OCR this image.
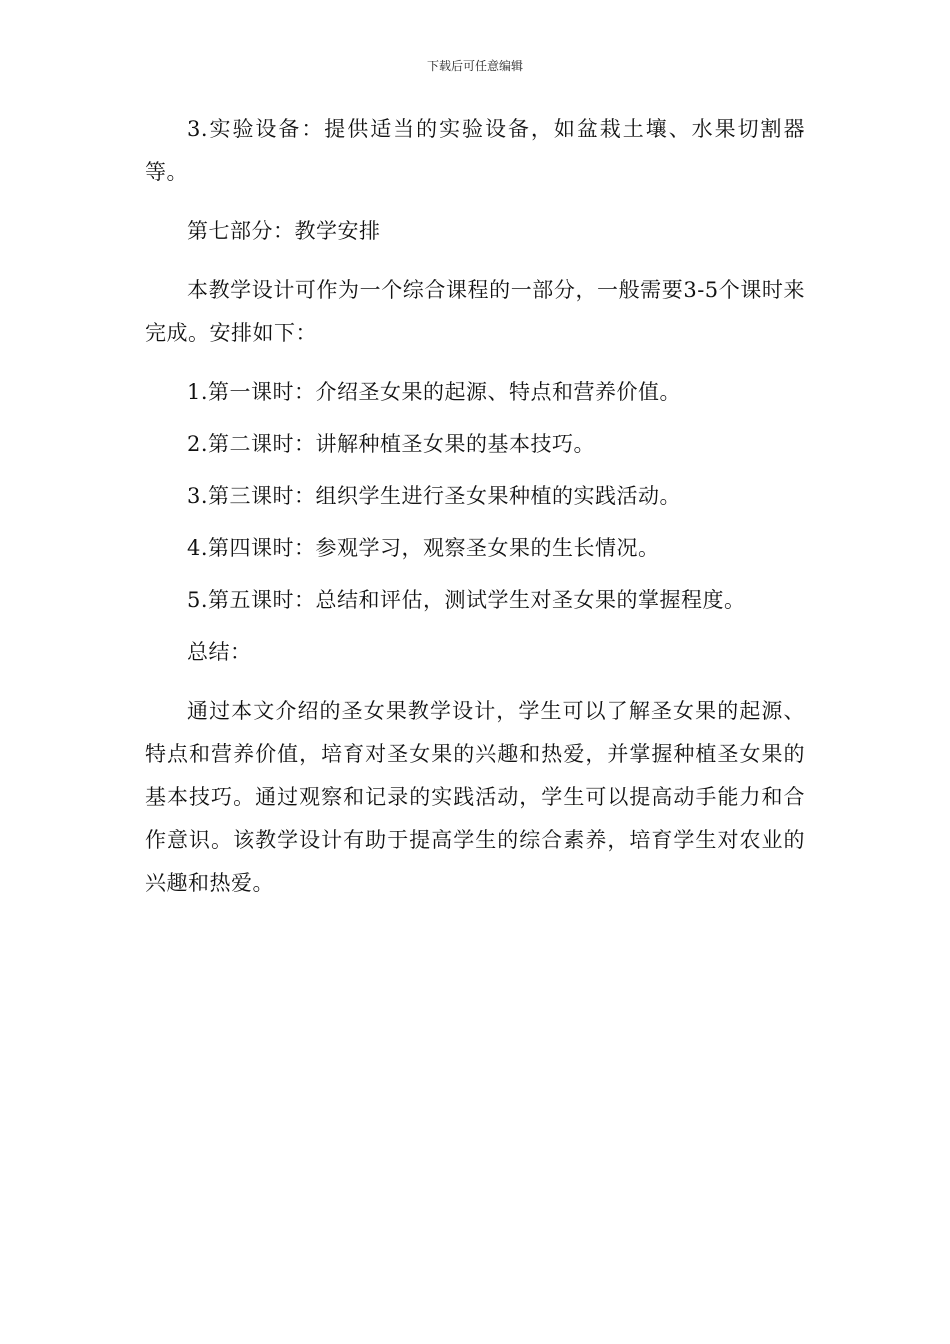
下载后可任意编辑

3.实验设备：提供适当的实验设备，如盆栽土壤、水果切割器等。

第七部分：教学安排

本教学设计可作为一个综合课程的一部分，一般需要3-5个课时来完成。安排如下：

1.第一课时：介绍圣女果的起源、特点和营养价值。

2.第二课时：讲解种植圣女果的基本技巧。

3.第三课时：组织学生进行圣女果种植的实践活动。

4.第四课时：参观学习，观察圣女果的生长情况。

5.第五课时：总结和评估，测试学生对圣女果的掌握程度。

总结：

通过本文介绍的圣女果教学设计，学生可以了解圣女果的起源、特点和营养价值，培育对圣女果的兴趣和热爱，并掌握种植圣女果的基本技巧。通过观察和记录的实践活动，学生可以提高动手能力和合作意识。该教学设计有助于提高学生的综合素养，培育学生对农业的兴趣和热爱。
